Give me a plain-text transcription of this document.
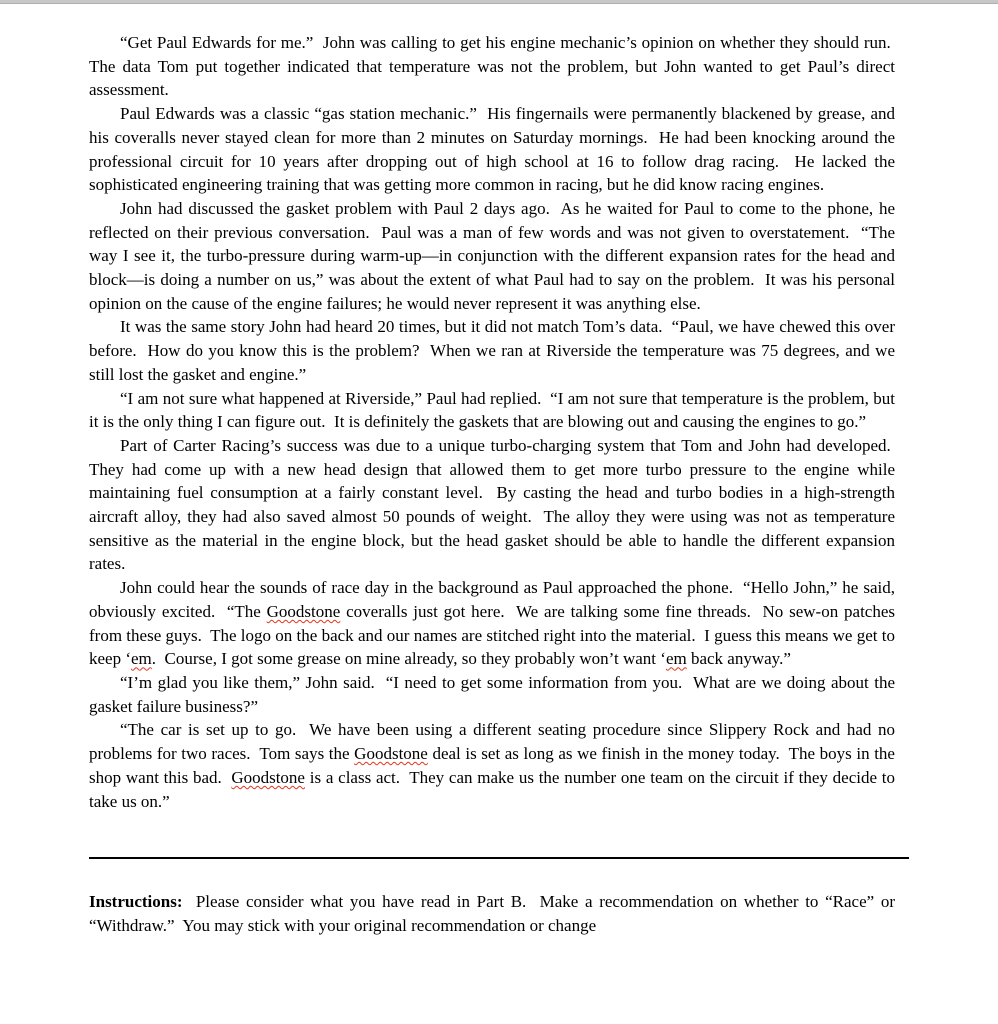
“Get Paul Edwards for me.”  John was calling to get his engine mechanic’s opinion on whether they should run.  The data Tom put together indicated that temperature was not the problem, but John wanted to get Paul’s direct assessment.

Paul Edwards was a classic “gas station mechanic.”  His fingernails were permanently blackened by grease, and his coveralls never stayed clean for more than 2 minutes on Saturday mornings.  He had been knocking around the professional circuit for 10 years after dropping out of high school at 16 to follow drag racing.  He lacked the sophisticated engineering training that was getting more common in racing, but he did know racing engines.

John had discussed the gasket problem with Paul 2 days ago.  As he waited for Paul to come to the phone, he reflected on their previous conversation.  Paul was a man of few words and was not given to overstatement.  “The way I see it, the turbo-pressure during warm-up—in conjunction with the different expansion rates for the head and block—is doing a number on us,” was about the extent of what Paul had to say on the problem.  It was his personal opinion on the cause of the engine failures; he would never represent it was anything else.

It was the same story John had heard 20 times, but it did not match Tom’s data.  “Paul, we have chewed this over before.  How do you know this is the problem?  When we ran at Riverside the temperature was 75 degrees, and we still lost the gasket and engine.”

“I am not sure what happened at Riverside,” Paul had replied.  “I am not sure that temperature is the problem, but it is the only thing I can figure out.  It is definitely the gaskets that are blowing out and causing the engines to go.”

Part of Carter Racing’s success was due to a unique turbo-charging system that Tom and John had developed.  They had come up with a new head design that allowed them to get more turbo pressure to the engine while maintaining fuel consumption at a fairly constant level.  By casting the head and turbo bodies in a high-strength aircraft alloy, they had also saved almost 50 pounds of weight.  The alloy they were using was not as temperature sensitive as the material in the engine block, but the head gasket should be able to handle the different expansion rates.

John could hear the sounds of race day in the background as Paul approached the phone.  “Hello John,” he said, obviously excited.  “The Goodstone coveralls just got here.  We are talking some fine threads.  No sew-on patches from these guys.  The logo on the back and our names are stitched right into the material.  I guess this means we get to keep ‘em.  Course, I got some grease on mine already, so they probably won’t want ‘em back anyway.”

“I’m glad you like them,” John said.  “I need to get some information from you.  What are we doing about the gasket failure business?”

“The car is set up to go.  We have been using a different seating procedure since Slippery Rock and had no problems for two races.  Tom says the Goodstone deal is set as long as we finish in the money today.  The boys in the shop want this bad.  Goodstone is a class act.  They can make us the number one team on the circuit if they decide to take us on.”

Instructions:  Please consider what you have read in Part B.  Make a recommendation on whether to “Race” or “Withdraw.”  You may stick with your original recommendation or change
